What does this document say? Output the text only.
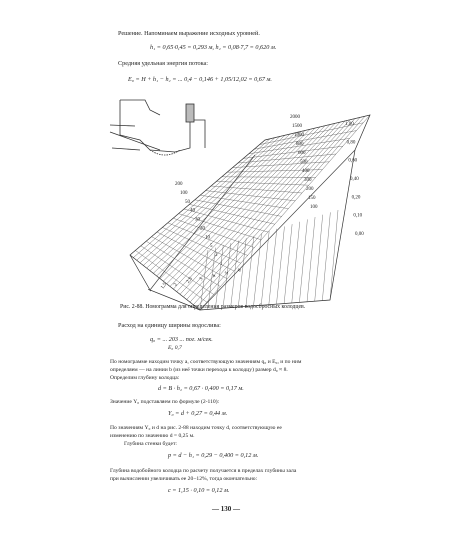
Решение. Напоминаем выражение исходных уровней.
h₁ = 0,65·0,45 = 0,293 м, h₂ = 0,08·7,7 = 0,620 м.
Средняя удельная энергия потока:
E₀ = H + h₁ − h₂ = ... 0,4 − 0,146 + 1,05/12,02 = 0,67 м.
2000
1500
1000
800
600
500
400
300
200
150
100
1,00
0,80
0,60
0,40
0,20
0,10
0,00
200
100
50
40
30
20
10
5
2
1
1
1,5 2
2,5 3
4
5
6
Рис. 2-88. Номограмма для определения размеров водосбросных колодцев.
Расход на единицу ширины водосливa:
q₀ = ... 203 ... пог. м/сек.
E₀ 0,7
По номограмме находим точку a, соответствующую значениям q₀ и E₀, и по ним
определяем — на линии b (из неё точки перехода к колодцу) размер d₀ ≈ 8.
Определим глубину колодца:
d = B · h₂ = 0,67 · 0,400 = 0,17 м.
Значение Y₀ подставляем по формуле (2-110):
Y₀ = d + 0,27 = 0,44 м.
По значениям Y₀ и d на рис. 2-88 находим точку d, соответствующую ее
изменению по значению d = 0,25 м.
Глубина стенки будет:
p = d − h₁ = 0,29 − 0,400 = 0,12 м.
Глубина водобойного колодца по расчету получается в пределах глубины зала
при вычислении увеличивать ее 20−12%, тогда окончательно:
c = 1,15 · 0,10 = 0,12 м.
— 130 —
